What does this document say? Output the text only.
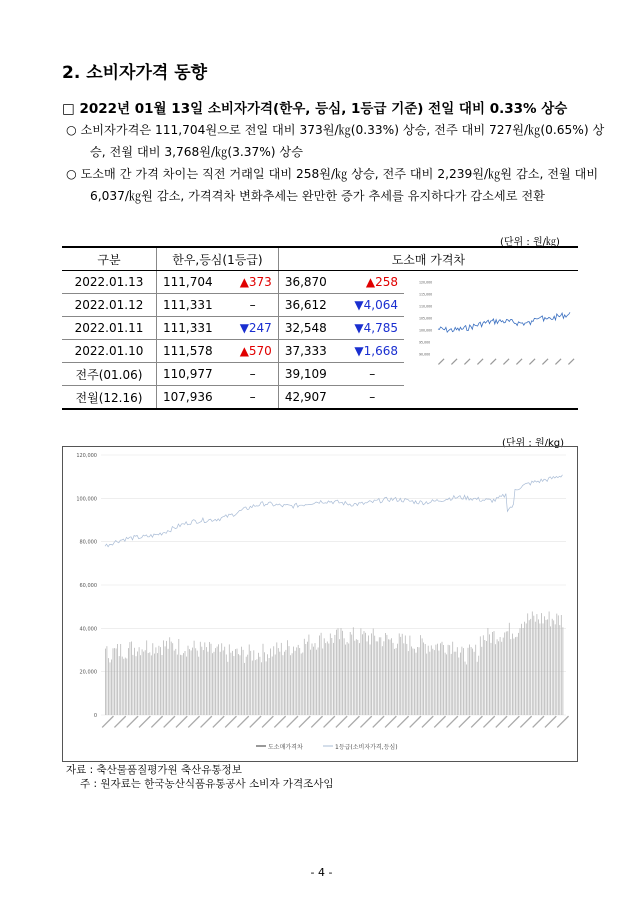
2. 소비자가격 동향
□ 2022년 01월 13일 소비자가격(한우, 등심, 1등급 기준) 전일 대비 0.33% 상승
○ 소비자가격은 111,704원으로 전일 대비 373원/㎏(0.33%) 상승, 전주 대비 727원/㎏(0.65%) 상승, 전월 대비 3,768원/㎏(3.37%) 상승
○ 도소매 간 가격 차이는 직전 거래일 대비 258원/㎏ 상승, 전주 대비 2,239원/㎏원 감소, 전월 대비 6,037/㎏원 감소, 가격격차 변화추세는 완만한 증가 추세를 유지하다가 감소세로 전환
(단위 : 원/㎏)
구분	한우,등심(1등급)		도소매 가격차		
2022.01.13	111,704	▲373	36,870	▲258	
2022.01.12	111,331	–	36,612	▼4,064	
2022.01.11	111,331	▼247	32,548	▼4,785	
2022.01.10	111,578	▲570	37,333	▼1,668	
전주(01.06)	110,977	–	39,109	–	
전월(12.16)	107,936	–	42,907	–	
120,000
115,000
110,000
105,000
100,000
95,000
90,000
(단위 : 원/kg)
120,000
100,000
80,000
60,000
40,000
20,000
0
도소매가격차	1등급(소비자가격,등심)
자료 : 축산물품질평가원 축산유통정보
주 : 원자료는 한국농산식품유통공사 소비자 가격조사임
- 4 -
